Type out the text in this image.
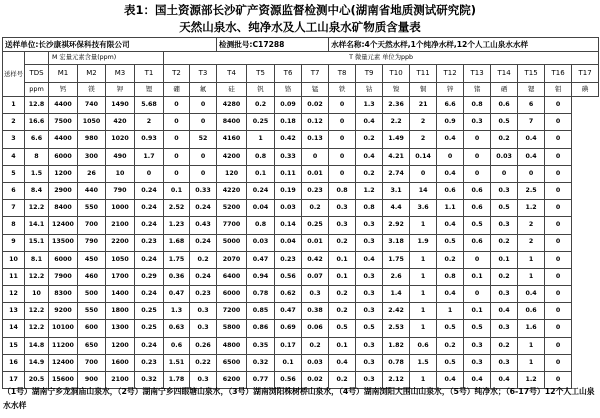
表1：国土资源部长沙矿产资源监督检测中心(湖南省地质测试研究院)
天然山泉水、纯净水及人工山泉水矿物质含量表
送样单位:长沙康祺环保科技有限公司								检测批号:C17288				水样名称:4个天然水样,1个纯净水样,12个人工山泉水水样										
送样号		M 宏量元素含量(ppm)				T 微量元素 单位为ppb																
	TDS	M1	M2	M3	T1	T2	T3	T4	T5	T6	T7	T8	T9	T10	T11	T12	T13	T14	T15	T16	T17	
	ppm	钙	镁	钾	锂	硼	氟	硅	钒	铬	锰	铁	钴	镍	铜	锌	锗	硒	锶	钼	碘	
1	12.8	4400	740	1490	5.68	0	0	4280	0.2	0.09	0.02	0	1.3	2.36	21	6.6	0.8	0.6	6	0		
2	16.6	7500	1050	420	2	0	0	8400	0.25	0.18	0.12	0	0.4	2.2	2	0.9	0.3	0.5	7	0		
3	6.6	4400	980	1020	0.93	0	52	4160	1	0.42	0.13	0	0.2	1.49	2	0.4	0	0.2	0.4	0		
4	8	6000	300	490	1.7	0	0	4200	0.8	0.33	0	0	0.4	4.21	0.14	0	0	0.03	0.4	0		
5	1.5	1200	26	10	0	0	0	120	0.1	0.11	0.01	0	0.2	2.74	0	0.4	0	0	0	0		
6	8.4	2900	440	790	0.24	0.1	0.33	4220	0.24	0.19	0.23	0.8	1.2	3.1	14	0.6	0.6	0.3	2.5	0		
7	12.2	8400	550	1000	0.24	2.52	0.24	5200	0.04	0.03	0.2	0.3	0.8	4.4	3.6	1.1	0.6	0.5	1.2	0		
8	14.1	12400	700	2100	0.24	1.23	0.43	7700	0.8	0.14	0.25	0.3	0.3	2.92	1	0.4	0.5	0.3	2	0		
9	15.1	13500	790	2200	0.23	1.68	0.24	5000	0.03	0.04	0.01	0.2	0.3	3.18	1.9	0.5	0.6	0.2	2	0		
10	8.1	6000	450	1050	0.24	1.75	0.2	2070	0.47	0.23	0.42	0.1	0.4	1.75	1	0.2	0	0.1	1	0		
11	12.2	7900	460	1700	0.29	0.36	0.24	6400	0.94	0.56	0.07	0.1	0.3	2.6	1	0.8	0.1	0.2	1	0		
12	10	8300	500	1400	0.24	0.47	0.23	6000	0.78	0.62	0.3	0.2	0.3	1.4	1	0.4	0	0.3	0.4	0		
13	12.2	9200	550	1800	0.25	1.3	0.3	7200	0.85	0.47	0.38	0.2	0.3	2.42	1	1	0.1	0.4	0.6	0		
14	12.2	10100	600	1300	0.25	0.63	0.3	5800	0.86	0.69	0.06	0.5	0.5	2.53	1	0.5	0.5	0.3	1.6	0		
15	14.8	11200	650	1200	0.24	0.6	0.26	4800	0.35	0.17	0.2	0.1	0.3	1.82	0.6	0.2	0.3	0.2	1	0		
16	14.9	12400	700	1600	0.23	1.51	0.22	6500	0.32	0.1	0.03	0.4	0.3	0.78	1.5	0.5	0.3	0.3	1	0		
17	20.5	15600	900	2100	0.32	1.78	0.3	6200	0.77	0.56	0.02	0.2	0.3	2.12	1	0.4	0.4	0.4	1.2	0		
（1号）湖南宁乡龙洞庙山泉水，（2号）湖南宁乡四眼塘山泉水，（3号）湖南浏阳株树桥山泉水，（4号）湖南浏阳大围山山泉水，（5号）纯净水；（6-17号）12个人工山泉水水样
